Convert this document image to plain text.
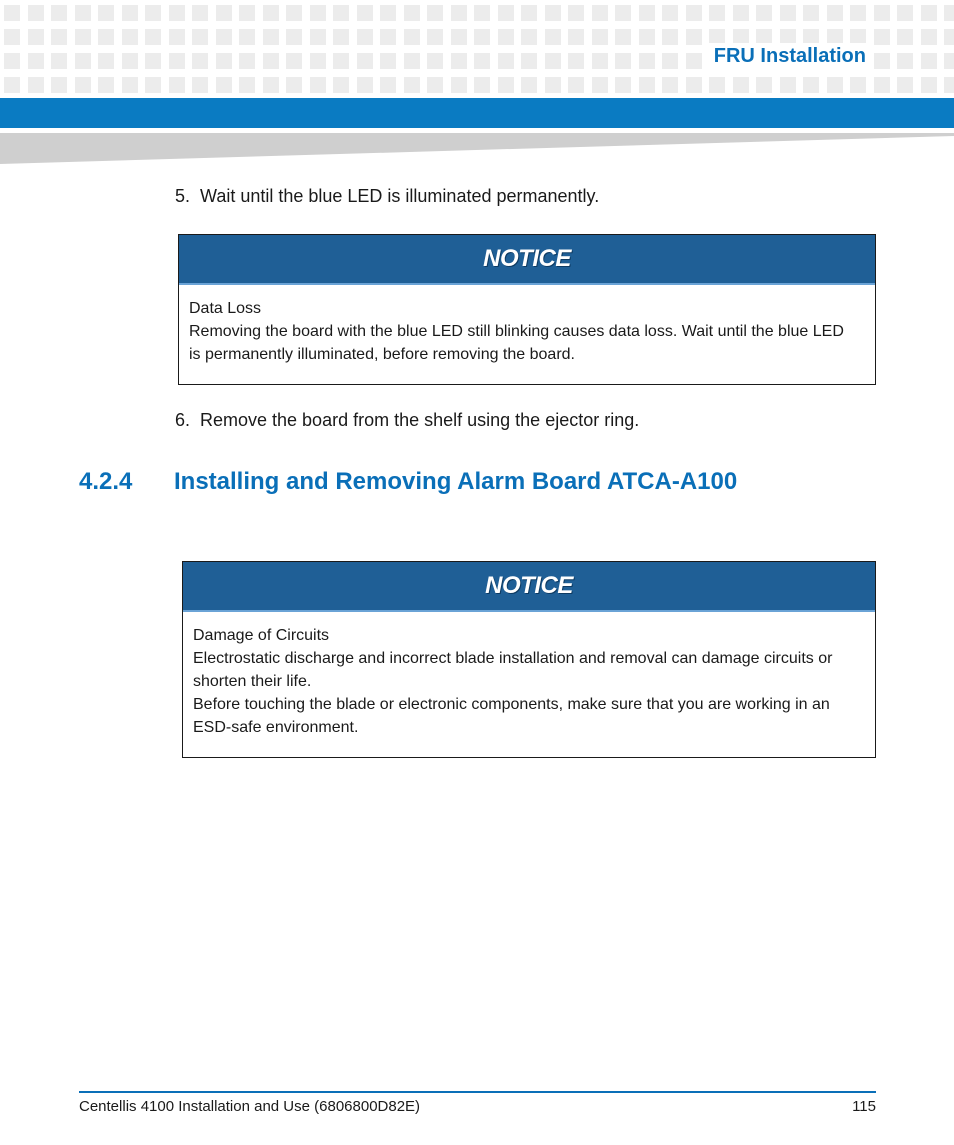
FRU Installation
5. Wait until the blue LED is illuminated permanently.
NOTICE
Data Loss
Removing the board with the blue LED still blinking causes data loss. Wait until the blue LED
is permanently illuminated, before removing the board.
6. Remove the board from the shelf using the ejector ring.
4.2.4 Installing and Removing Alarm Board ATCA-A100
NOTICE
Damage of Circuits
Electrostatic discharge and incorrect blade installation and removal can damage circuits or
shorten their life.
Before touching the blade or electronic components, make sure that you are working in an
ESD-safe environment.
Centellis 4100 Installation and Use (6806800D82E)	115
